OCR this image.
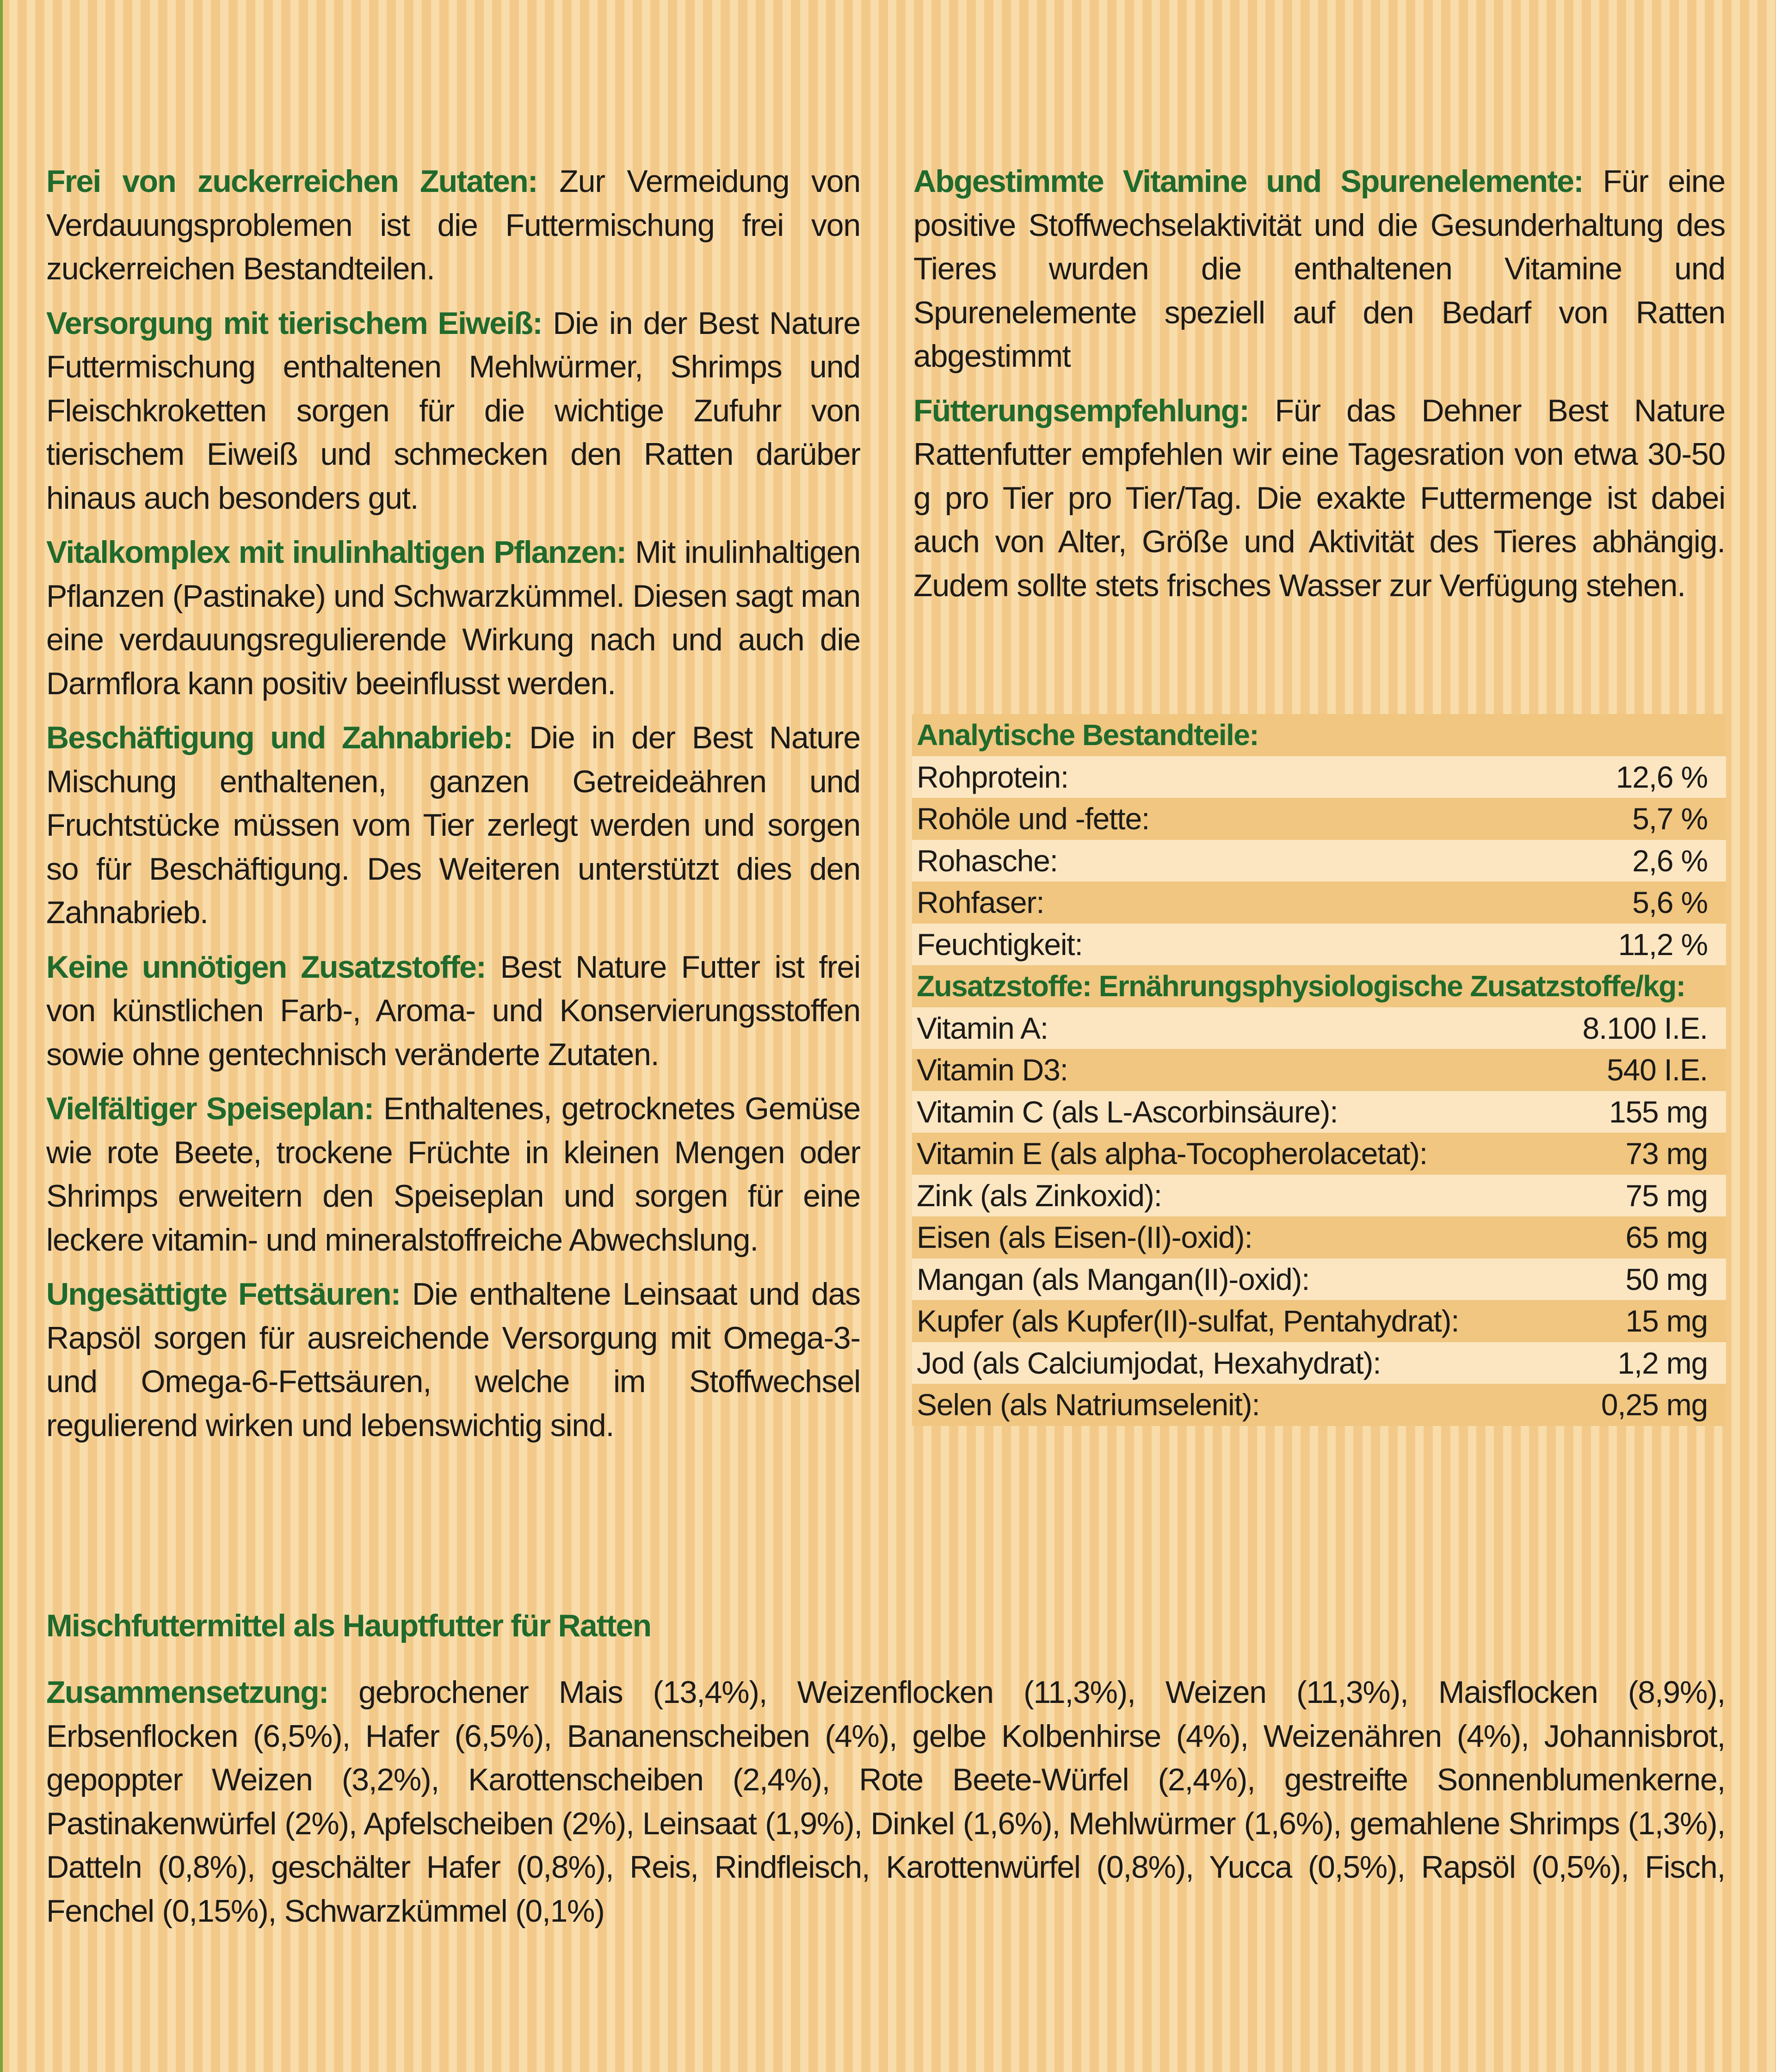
Frei von zuckerreichen Zutaten: Zur Vermeidung von Verdauungsproblemen ist die Futtermischung frei von zuckerreichen Bestandteilen.

Versorgung mit tierischem Eiweiß: Die in der Best Nature Futtermischung enthaltenen Mehlwürmer, Shrimps und Fleischkroketten sorgen für die wichtige Zufuhr von tierischem Eiweiß und schmecken den Ratten darüber hinaus auch besonders gut.

Vitalkomplex mit inulinhaltigen Pflanzen: Mit inulinhaltigen Pflanzen (Pastinake) und Schwarzkümmel. Diesen sagt man eine verdauungsregulierende Wirkung nach und auch die Darmflora kann positiv beeinflusst werden.

Beschäftigung und Zahnabrieb: Die in der Best Nature Mischung enthaltenen, ganzen Getreideähren und Fruchtstücke müssen vom Tier zerlegt werden und sorgen so für Beschäftigung. Des Weiteren unterstützt dies den Zahnabrieb.

Keine unnötigen Zusatzstoffe: Best Nature Futter ist frei von künstlichen Farb-, Aroma- und Konservierungsstoffen sowie ohne gentechnisch veränderte Zutaten.

Vielfältiger Speiseplan: Enthaltenes, getrocknetes Gemüse wie rote Beete, trockene Früchte in kleinen Mengen oder Shrimps erweitern den Speiseplan und sorgen für eine leckere vitamin- und mineralstoffreiche Abwechslung.

Ungesättigte Fettsäuren: Die enthaltene Leinsaat und das Rapsöl sorgen für ausreichende Versorgung mit Omega-3- und Omega-6-Fettsäuren, welche im Stoffwechsel regulierend wirken und lebenswichtig sind.

Abgestimmte Vitamine und Spurenelemente: Für eine positive Stoffwechselaktivität und die Gesunderhaltung des Tieres wurden die enthaltenen Vitamine und Spurenelemente speziell auf den Bedarf von Ratten abgestimmt

Fütterungsempfehlung: Für das Dehner Best Nature Rattenfutter empfehlen wir eine Tagesration von etwa 30-50 g pro Tier pro Tier/Tag. Die exakte Futtermenge ist dabei auch von Alter, Größe und Aktivität des Tieres abhängig. Zudem sollte stets frisches Wasser zur Verfügung stehen.

Analytische Bestandteile:
Rohprotein:	12,6 %
Rohöle und -fette:	5,7 %
Rohasche:	2,6 %
Rohfaser:	5,6 %
Feuchtigkeit:	11,2 %
Zusatzstoffe: Ernährungsphysiologische Zusatzstoffe/kg:
Vitamin A:	8.100 I.E.
Vitamin D3:	540 I.E.
Vitamin C (als L-Ascorbinsäure):	155 mg
Vitamin E (als alpha-Tocopherolacetat):	73 mg
Zink (als Zinkoxid):	75 mg
Eisen (als Eisen-(II)-oxid):	65 mg
Mangan (als Mangan(II)-oxid):	50 mg
Kupfer (als Kupfer(II)-sulfat, Pentahydrat):	15 mg
Jod (als Calciumjodat, Hexahydrat):	1,2 mg
Selen (als Natriumselenit):	0,25 mg

Mischfuttermittel als Hauptfutter für Ratten

Zusammensetzung: gebrochener Mais (13,4%), Weizenflocken (11,3%), Weizen (11,3%), Maisflocken (8,9%), Erbsenflocken (6,5%), Hafer (6,5%), Bananenscheiben (4%), gelbe Kolbenhirse (4%), Weizenähren (4%), Johannisbrot, gepoppter Weizen (3,2%), Karottenscheiben (2,4%), Rote Beete-Würfel (2,4%), gestreifte Sonnenblumenkerne, Pastinakenwürfel (2%), Apfelscheiben (2%), Leinsaat (1,9%), Dinkel (1,6%), Mehlwürmer (1,6%), gemahlene Shrimps (1,3%), Datteln (0,8%), geschälter Hafer (0,8%), Reis, Rindfleisch, Karottenwürfel (0,8%), Yucca (0,5%), Rapsöl (0,5%), Fisch, Fenchel (0,15%), Schwarzkümmel (0,1%)
